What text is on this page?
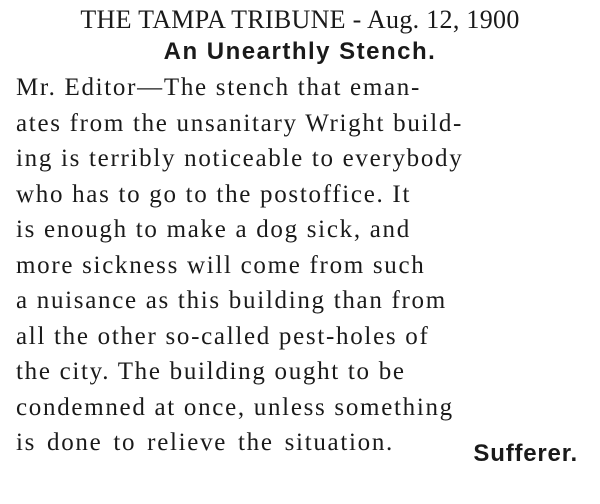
THE TAMPA TRIBUNE - Aug. 12, 1900
An Unearthly Stench.
Mr. Editor—The stench that eman-
ates from the unsanitary Wright build-
ing is terribly noticeable to everybody
who has to go to the postoffice. It
is enough to make a dog sick, and
more sickness will come from such
a nuisance as this building than from
all the other so-called pest-holes of
the city. The building ought to be
condemned at once, unless something
is done to relieve the situation.	Sufferer.
